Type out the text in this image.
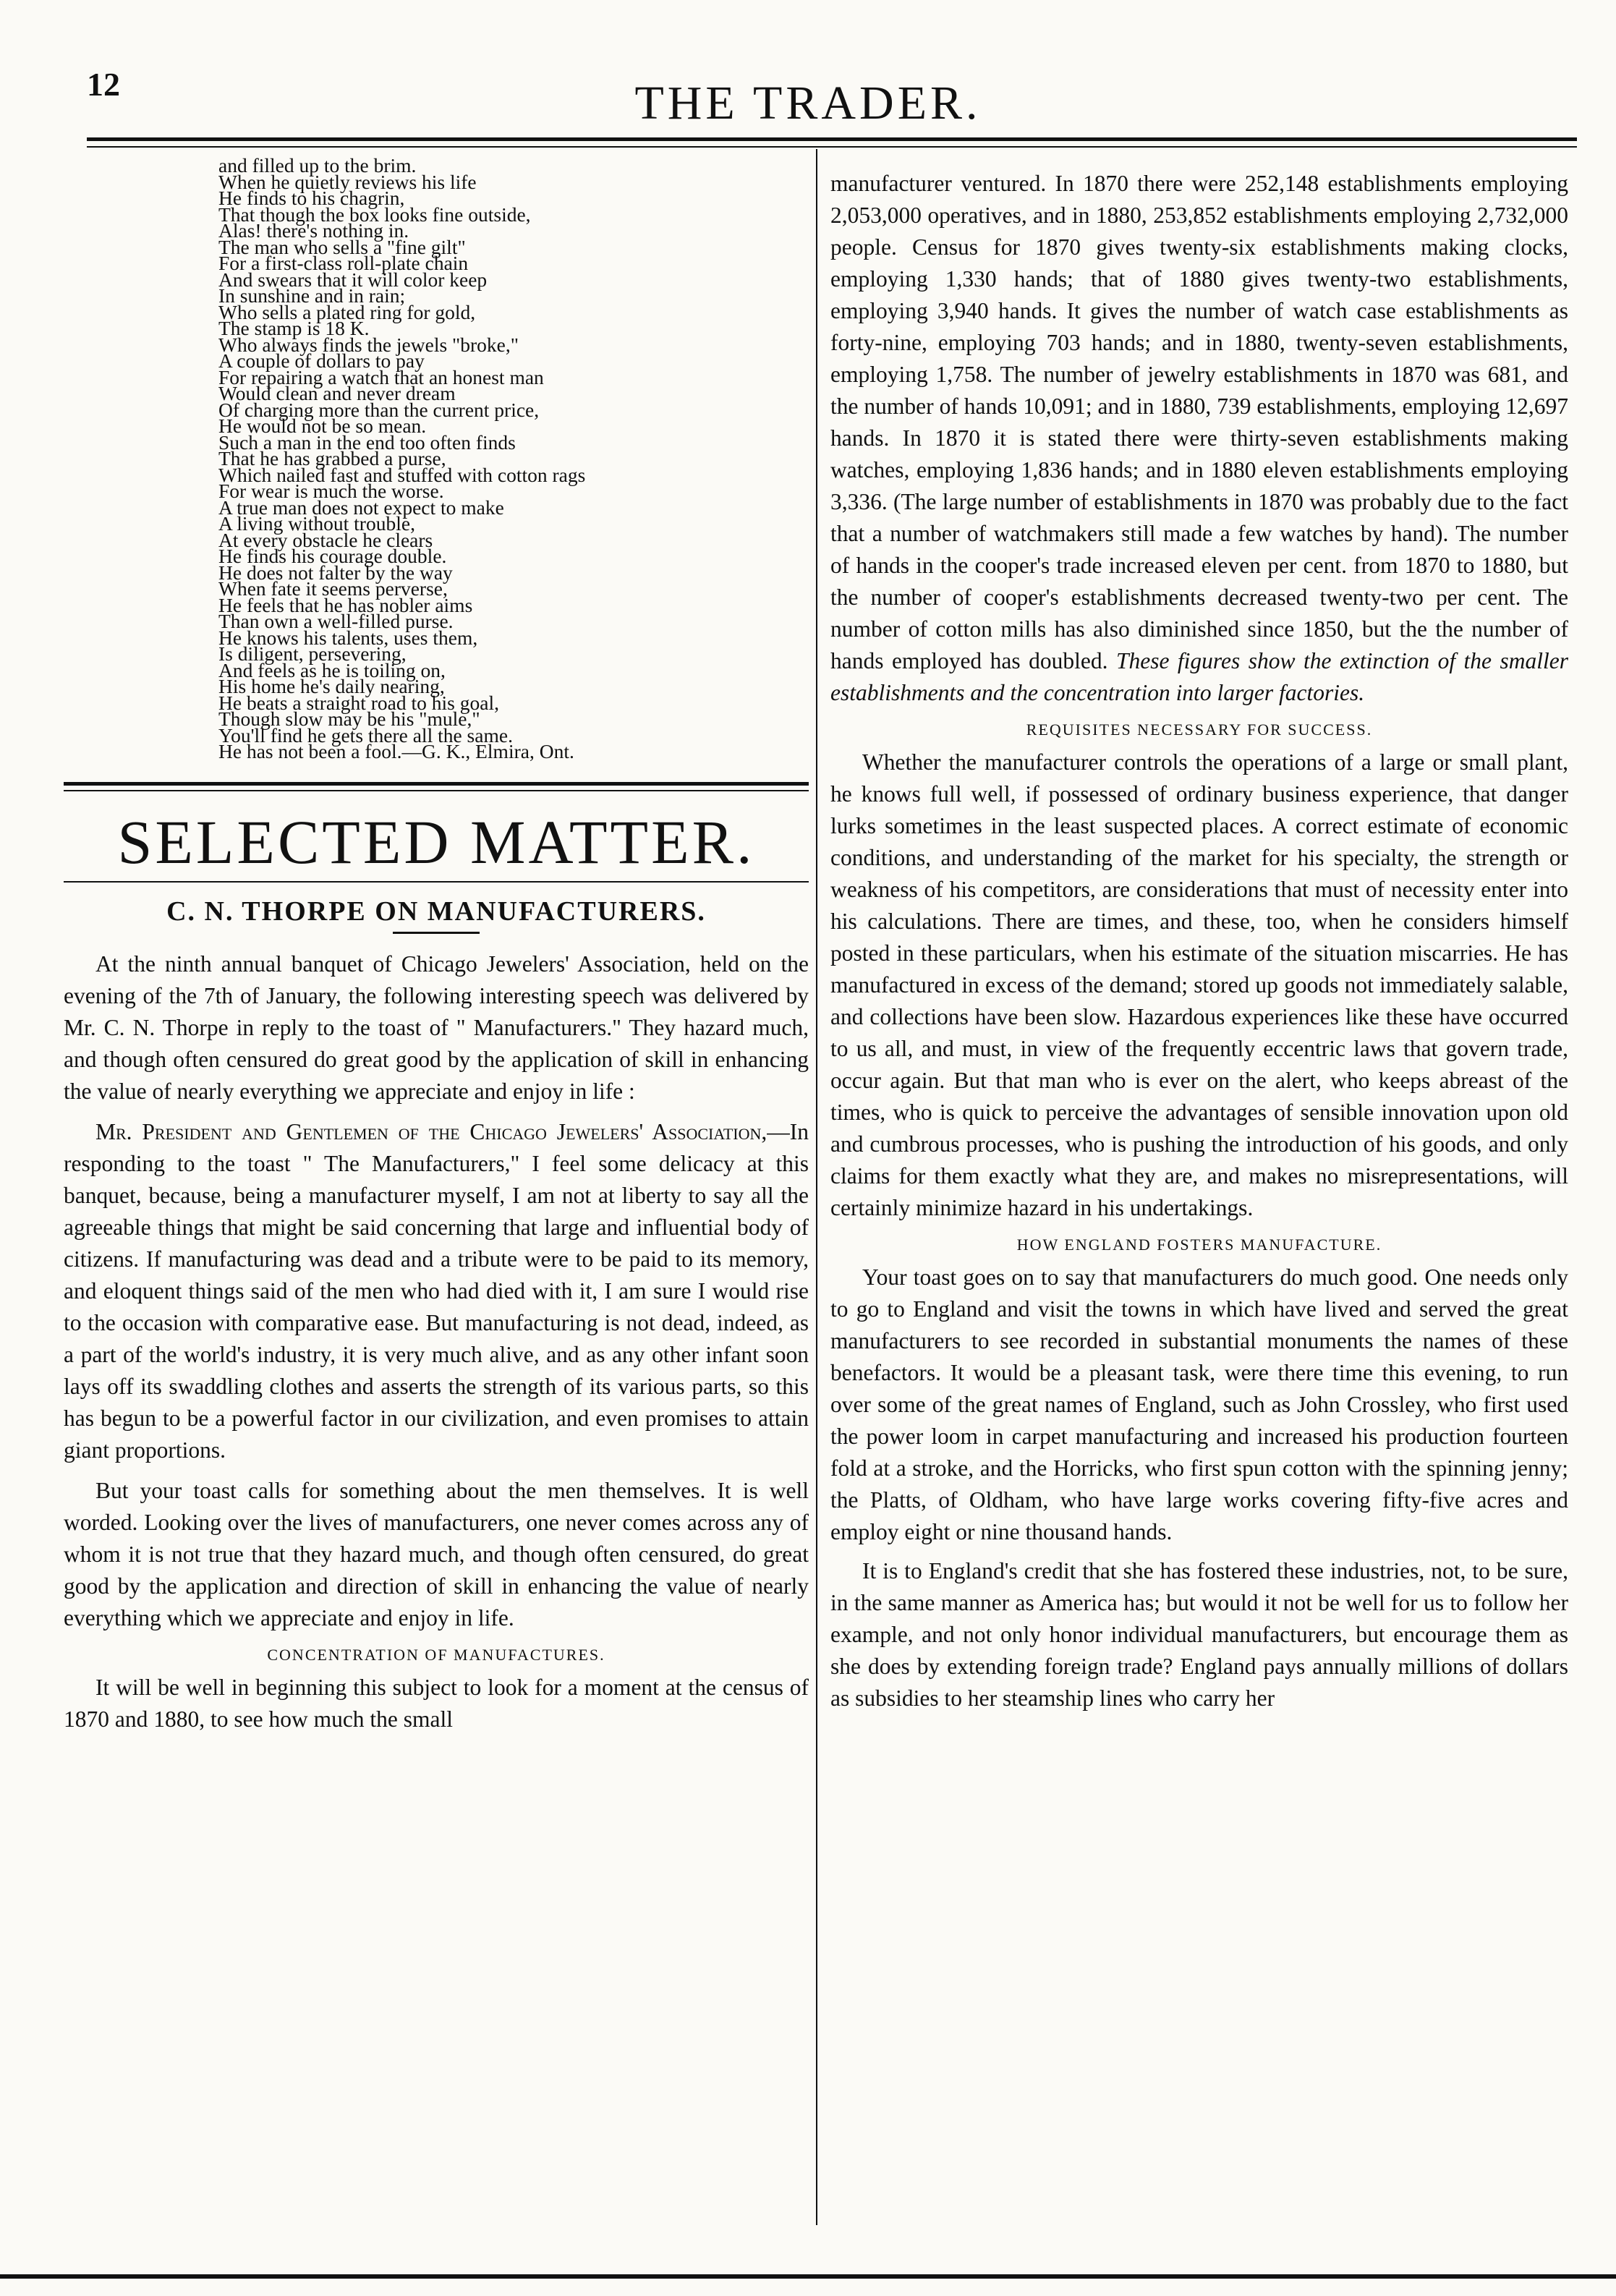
12	THE TRADER.
and filled up to the brim.
When he quietly reviews his life
He finds to his chagrin,
That though the box looks fine outside,
Alas! there's nothing in.
The man who sells a "fine gilt"
For a first-class roll-plate chain
And swears that it will color keep
In sunshine and in rain;
Who sells a plated ring for gold,
The stamp is 18 K.
Who always finds the jewels "broke,"
A couple of dollars to pay
For repairing a watch that an honest man
Would clean and never dream
Of charging more than the current price,
He would not be so mean.
Such a man in the end too often finds
That he has grabbed a purse,
Which nailed fast and stuffed with cotton rags
For wear is much the worse.
A true man does not expect to make
A living without trouble,
At every obstacle he clears
He finds his courage double.
He does not falter by the way
When fate it seems perverse,
He feels that he has nobler aims
Than own a well-filled purse.
He knows his talents, uses them,
Is diligent, persevering,
And feels as he is toiling on,
His home he's daily nearing,
He beats a straight road to his goal,
Though slow may be his "mule,"
You'll find he gets there all the same.
He has not been a fool.—G. K., Elmira, Ont.
SELECTED MATTER.
C. N. THORPE ON MANUFACTURERS.

At the ninth annual banquet of Chicago Jewelers' Association, held on the evening of the 7th of January, the following interesting speech was delivered by Mr. C. N. Thorpe in reply to the toast of " Manufacturers." They hazard much, and though often censured do great good by the application of skill in enhancing the value of nearly everything we appreciate and enjoy in life :

Mr. President and Gentlemen of the Chicago Jewelers' Association,—In responding to the toast " The Manufacturers," I feel some delicacy at this banquet, because, being a manufacturer myself, I am not at liberty to say all the agreeable things that might be said concerning that large and influential body of citizens. If manufacturing was dead and a tribute were to be paid to its memory, and eloquent things said of the men who had died with it, I am sure I would rise to the occasion with comparative ease. But manufacturing is not dead, indeed, as a part of the world's industry, it is very much alive, and as any other infant soon lays off its swaddling clothes and asserts the strength of its various parts, so this has begun to be a powerful factor in our civilization, and even promises to attain giant proportions.

But your toast calls for something about the men themselves. It is well worded. Looking over the lives of manufacturers, one never comes across any of whom it is not true that they hazard much, and though often censured, do great good by the application and direction of skill in enhancing the value of nearly everything which we appreciate and enjoy in life.

CONCENTRATION OF MANUFACTURES.

It will be well in beginning this subject to look for a moment at the census of 1870 and 1880, to see how much the small

manufacturer ventured. In 1870 there were 252,148 establishments employing 2,053,000 operatives, and in 1880, 253,852 establishments employing 2,732,000 people. Census for 1870 gives twenty-six establishments making clocks, employing 1,330 hands; that of 1880 gives twenty-two establishments, employing 3,940 hands. It gives the number of watch case establishments as forty-nine, employing 703 hands; and in 1880, twenty-seven establishments, employing 1,758. The number of jewelry establishments in 1870 was 681, and the number of hands 10,091; and in 1880, 739 establishments, employing 12,697 hands. In 1870 it is stated there were thirty-seven establishments making watches, employing 1,836 hands; and in 1880 eleven establishments employing 3,336. (The large number of establishments in 1870 was probably due to the fact that a number of watchmakers still made a few watches by hand). The number of hands in the cooper's trade increased eleven per cent. from 1870 to 1880, but the number of cooper's establishments decreased twenty-two per cent. The number of cotton mills has also diminished since 1850, but the the number of hands employed has doubled. These figures show the extinction of the smaller establishments and the concentration into larger factories.

REQUISITES NECESSARY FOR SUCCESS.

Whether the manufacturer controls the operations of a large or small plant, he knows full well, if possessed of ordinary business experience, that danger lurks sometimes in the least suspected places. A correct estimate of economic conditions, and understanding of the market for his specialty, the strength or weakness of his competitors, are considerations that must of necessity enter into his calculations. There are times, and these, too, when he considers himself posted in these particulars, when his estimate of the situation miscarries. He has manufactured in excess of the demand; stored up goods not immediately salable, and collections have been slow. Hazardous experiences like these have occurred to us all, and must, in view of the frequently eccentric laws that govern trade, occur again. But that man who is ever on the alert, who keeps abreast of the times, who is quick to perceive the advantages of sensible innovation upon old and cumbrous processes, who is pushing the introduction of his goods, and only claims for them exactly what they are, and makes no misrepresentations, will certainly minimize hazard in his undertakings.

HOW ENGLAND FOSTERS MANUFACTURE.

Your toast goes on to say that manufacturers do much good. One needs only to go to England and visit the towns in which have lived and served the great manufacturers to see recorded in substantial monuments the names of these benefactors. It would be a pleasant task, were there time this evening, to run over some of the great names of England, such as John Crossley, who first used the power loom in carpet manufacturing and increased his production fourteen fold at a stroke, and the Horricks, who first spun cotton with the spinning jenny; the Platts, of Oldham, who have large works covering fifty-five acres and employ eight or nine thousand hands.

It is to England's credit that she has fostered these industries, not, to be sure, in the same manner as America has; but would it not be well for us to follow her example, and not only honor individual manufacturers, but encourage them as she does by extending foreign trade? England pays annually millions of dollars as subsidies to her steamship lines who carry her
